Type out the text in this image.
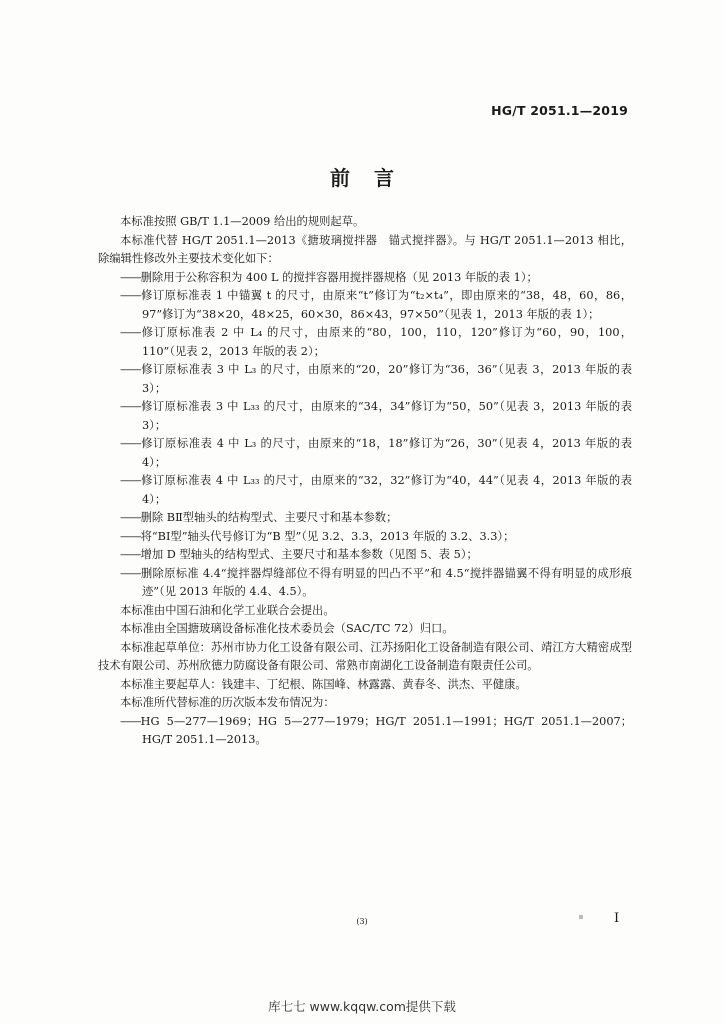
HG/T 2051.1—2019
前言

本标准按照 GB/T 1.1—2009 给出的规则起草。

本标准代替 HG/T 2051.1—2013《搪玻璃搅拌器　锚式搅拌器》。与 HG/T 2051.1—2013 相比，除编辑性修改外主要技术变化如下：

——删除用于公称容积为 400 L 的搅拌容器用搅拌器规格（见 2013 年版的表 1）；

——修订原标准表 1 中锚翼 t 的尺寸，由原来“t”修订为“t₂×t₄”，即由原来的“38，48，60，86，97”修订为“38×20，48×25，60×30，86×43，97×50”（见表 1，2013 年版的表 1）；

——修订原标准表 2 中 L₄ 的尺寸，由原来的“80，100，110，120”修订为“60，90，100，110”（见表 2，2013 年版的表 2）；

——修订原标准表 3 中 L₃ 的尺寸，由原来的“20，20”修订为“36，36”（见表 3，2013 年版的表 3）；

——修订原标准表 3 中 L₃₃ 的尺寸，由原来的“34，34”修订为“50，50”（见表 3，2013 年版的表 3）；

——修订原标准表 4 中 L₃ 的尺寸，由原来的“18，18”修订为“26，30”（见表 4，2013 年版的表 4）；

——修订原标准表 4 中 L₃₃ 的尺寸，由原来的“32，32”修订为“40，44”（见表 4，2013 年版的表 4）；

——删除 BⅡ型轴头的结构型式、主要尺寸和基本参数；

——将“BⅠ型”轴头代号修订为“B 型”（见 3.2、3.3，2013 年版的 3.2、3.3）；

——增加 D 型轴头的结构型式、主要尺寸和基本参数（见图 5、表 5）；

——删除原标准 4.4“搅拌器焊缝部位不得有明显的凹凸不平”和 4.5“搅拌器锚翼不得有明显的成形痕迹”（见 2013 年版的 4.4、4.5）。

本标准由中国石油和化学工业联合会提出。

本标准由全国搪玻璃设备标准化技术委员会（SAC/TC 72）归口。

本标准起草单位：苏州市协力化工设备有限公司、江苏扬阳化工设备制造有限公司、靖江方大精密成型技术有限公司、苏州欣德力防腐设备有限公司、常熟市南湖化工设备制造有限责任公司。

本标准主要起草人：钱建丰、丁纪根、陈国峰、林露露、黄春冬、洪杰、平健康。

本标准所代替标准的历次版本发布情况为：

——HG 5—277—1969；HG 5—277—1979；HG/T 2051.1—1991；HG/T 2051.1—2007；HG/T 2051.1—2013。

(3)	I
库七七 www.kqqw.com提供下载
